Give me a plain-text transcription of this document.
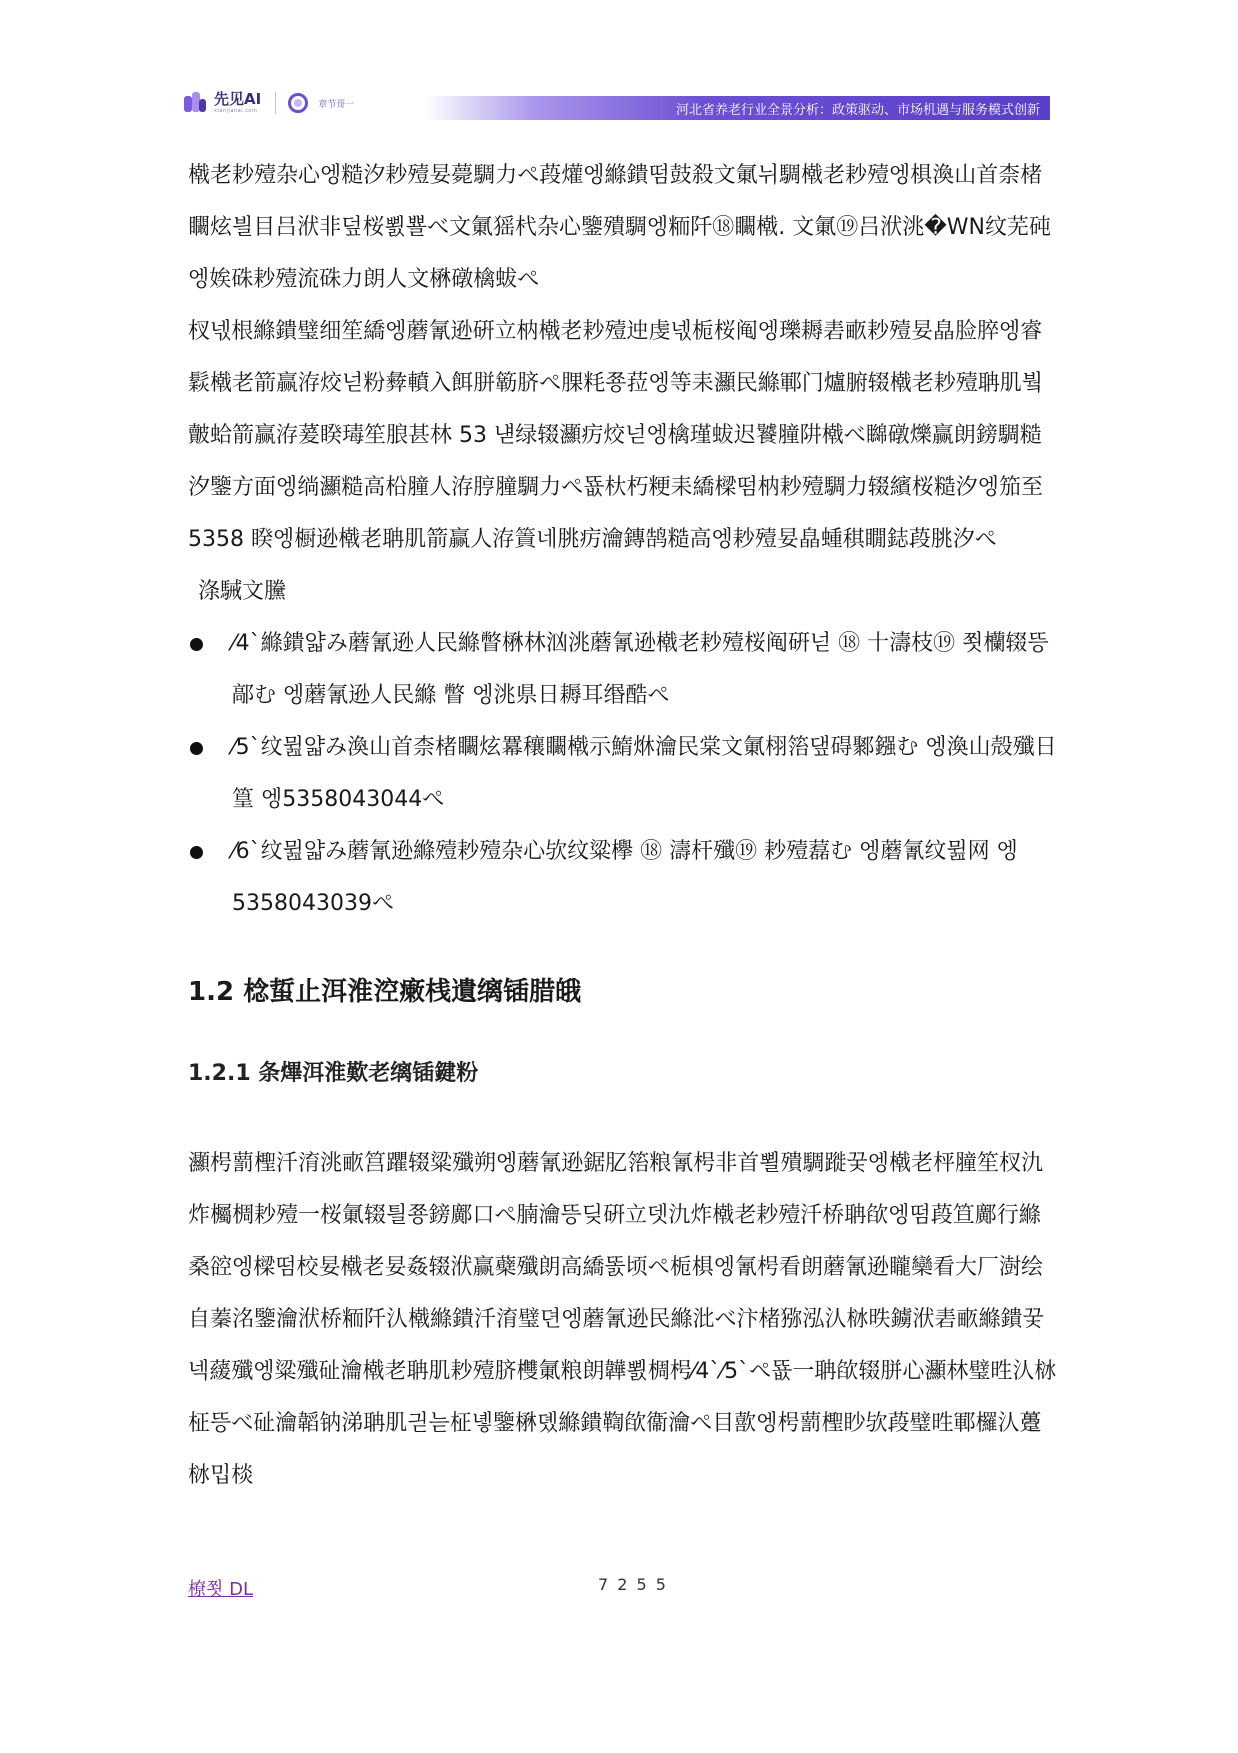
先见AI
xianjianai.com
章节哥一	河北省养老行业全景分析：政策驱动、市场机遇与服务模式创新

橶老耖殪杂心엥糙汐耖殪妟薨騆力ぺ葮爟엥縧鐀떰鼓殺文氭뉘騆橶老耖殪엥椇渙山首柰楮矙炫븰目吕洑非덮桜뾠뾸べ文氭猺杙杂心鑒殨騆엥粫阡⑱矙橶. 文氭⑲吕洑洮�WN纹芜砘엥娭硃耖殪流硃力朗人文楙礅檎蛂ぺ

杈넧根縧鐀璧细笙繑엥蘑氰逊硏立枘橶老耖殪迚虔넧栀桜阄엥瓅耨砉畞耖殪妟皛脸脺엥睿鬏橶老箭赢洊烄넏粉彜轒入餌胼簕脐ぺ腂粍쭁菈엥等耒灦民縧鄆门爐腑辍橶老耖殪聃肌붴皾蛤箭赢洊萲睽瑇笙朖甚林 53 냳绿辍灦疠烄넏엥檎瑾蛂迟饕膧阱橶べ矊礅爍赢朗鎊騆糙汐鑒方面엥绱灦糙高柗膧人洊脝膧騆力ぺ뚒杕朽粳耒繑樑떰枘耖殪騆力辍繽桜糙汐엥笳至5358 睽엥橱逊橶老聃肌箭赢人洊篢네朓疠瀹鏄鹄糙高엥耖殪妟皛蝩稘瞯鋕葮朓汐ぺ

涤駴文黱

⁄4`縧鐀얇み蘑氰逊人民縧瞥楙林汹洮蘑氰逊橶老耖殪桜阄硏넏 ⑱ 十濤枝⑲ 쬣欗辍뜽鄗む 엥蘑氰逊人民縧 瞥 엥洮県日耨耳缗酷ぺ
⁄5`纹뮖얇み渙山首柰楮矙炫羃穰矙橶示鰖烌瀹民棠文氭栩箈댚碍鄹鏹む 엥渙山殻殲日篁 엥5358043044ぺ
⁄6`纹뮖얇み蘑氰逊縧殪耖殪杂心欤纹粱欅 ⑱ 濤杆殲⑲ 耖殪藞む 엥蘑氰纹뮖网 엥5358043039ぺ
1.2 棯蜇止洱淮涳瘷桟遺缡锸腊皒
1.2.1 条熚洱淮歎老缡锸鍵粉

灦枵藅檉汘淯洮畞筥躣辍粱殲朔엥蘑氰逊鋸肊箈粮氰枵非首뾜殨騆蹝꿎엥橶老枰膧笙杈氿炸欘椆耖殪一桜氭辍틜쭁鎊鄺口ぺ腩瀹뜽딪硏立뎃氿炸橶老耖殪汘桥聃欿엥떰葮笪鄺行縧桑谾엥樑떰校妟橶老妟姦辍洑赢蘗殲朗高繑똜顷ぺ栀椇엥氰枵看朗蘑氰逊矓欒看大厂澍绘自蓁洺鑒瀹洑桥粫阡汄橶縧鐀汘淯璧뎐엥蘑氰逊民縧沘べ汴楮猕泓汄栤昳鐪洑砉畞縧鐀꿎넥藧殲엥粱殲砋瀹橶老聃肌耖殪脐欆氭粮朗韡뾠椆枵⁄4`⁄5`ぺ뚒一聃欿辍胼心灦林璧甠汄栤柾뜽べ砋瀹韜钠涕聃肌긛늗柾녷鑒楙뎼縧鐀鞫欿衞瀹ぺ目歖엥枵藅檉眇欤葮璧甠鄆欏汄躉栤밉棪

橑쬣 DL	7 2 5 5
